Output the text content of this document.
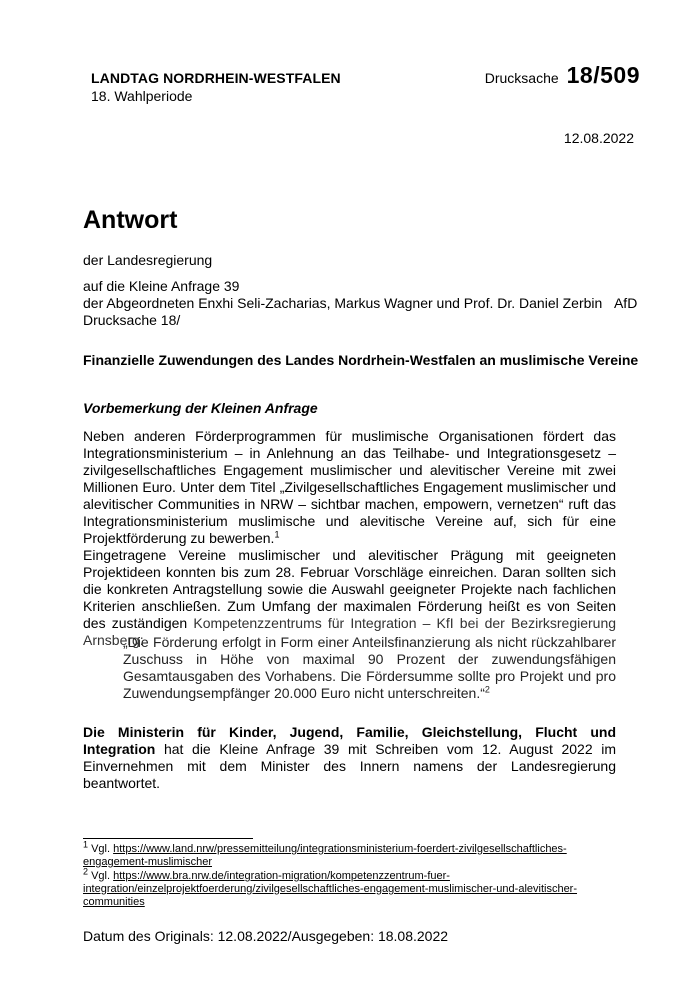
LANDTAG NORDRHEIN-WESTFALEN
18. Wahlperiode
Drucksache 18/509
12.08.2022
Antwort
der Landesregierung
auf die Kleine Anfrage 39
der Abgeordneten Enxhi Seli-Zacharias, Markus Wagner und Prof. Dr. Daniel Zerbin   AfD
Drucksache 18/
Finanzielle Zuwendungen des Landes Nordrhein-Westfalen an muslimische Vereine
Vorbemerkung der Kleinen Anfrage
Neben anderen Förderprogrammen für muslimische Organisationen fördert das Integrationsministerium – in Anlehnung an das Teilhabe- und Integrationsgesetz – zivilgesellschaftliches Engagement muslimischer und alevitischer Vereine mit zwei Millionen Euro. Unter dem Titel „Zivilgesellschaftliches Engagement muslimischer und alevitischer Communities in NRW – sichtbar machen, empowern, vernetzen“ ruft das Integrationsministerium muslimische und alevitische Vereine auf, sich für eine Projektförderung zu bewerben.$^1$
Eingetragene Vereine muslimischer und alevitischer Prägung mit geeigneten Projektideen konnten bis zum 28. Februar Vorschläge einreichen. Daran sollten sich die konkreten Antragstellung sowie die Auswahl geeigneter Projekte nach fachlichen Kriterien anschließen. Zum Umfang der maximalen Förderung heißt es von Seiten des zuständigen Kompetenzzentrums für Integration – KfI bei der Bezirksregierung Arnsberg:
„Die Förderung erfolgt in Form einer Anteilsfinanzierung als nicht rückzahlbarer Zuschuss in Höhe von maximal 90 Prozent der zuwendungsfähigen Gesamtausgaben des Vorhabens. Die Fördersumme sollte pro Projekt und pro Zuwendungsempfänger 20.000 Euro nicht unterschreiten.“$^2$
Die Ministerin für Kinder, Jugend, Familie, Gleichstellung, Flucht und Integration hat die Kleine Anfrage 39 mit Schreiben vom 12. August 2022 im Einvernehmen mit dem Minister des Innern namens der Landesregierung beantwortet.
$^1$ Vgl. https://www.land.nrw/pressemitteilung/integrationsministerium-foerdert-zivilgesellschaftliches-engagement-muslimischer
$^2$ Vgl. https://www.bra.nrw.de/integration-migration/kompetenzzentrum-fuer-integration/einzelprojektfoerderung/zivilgesellschaftliches-engagement-muslimischer-und-alevitischer-communities
Datum des Originals: 12.08.2022/Ausgegeben: 18.08.2022
